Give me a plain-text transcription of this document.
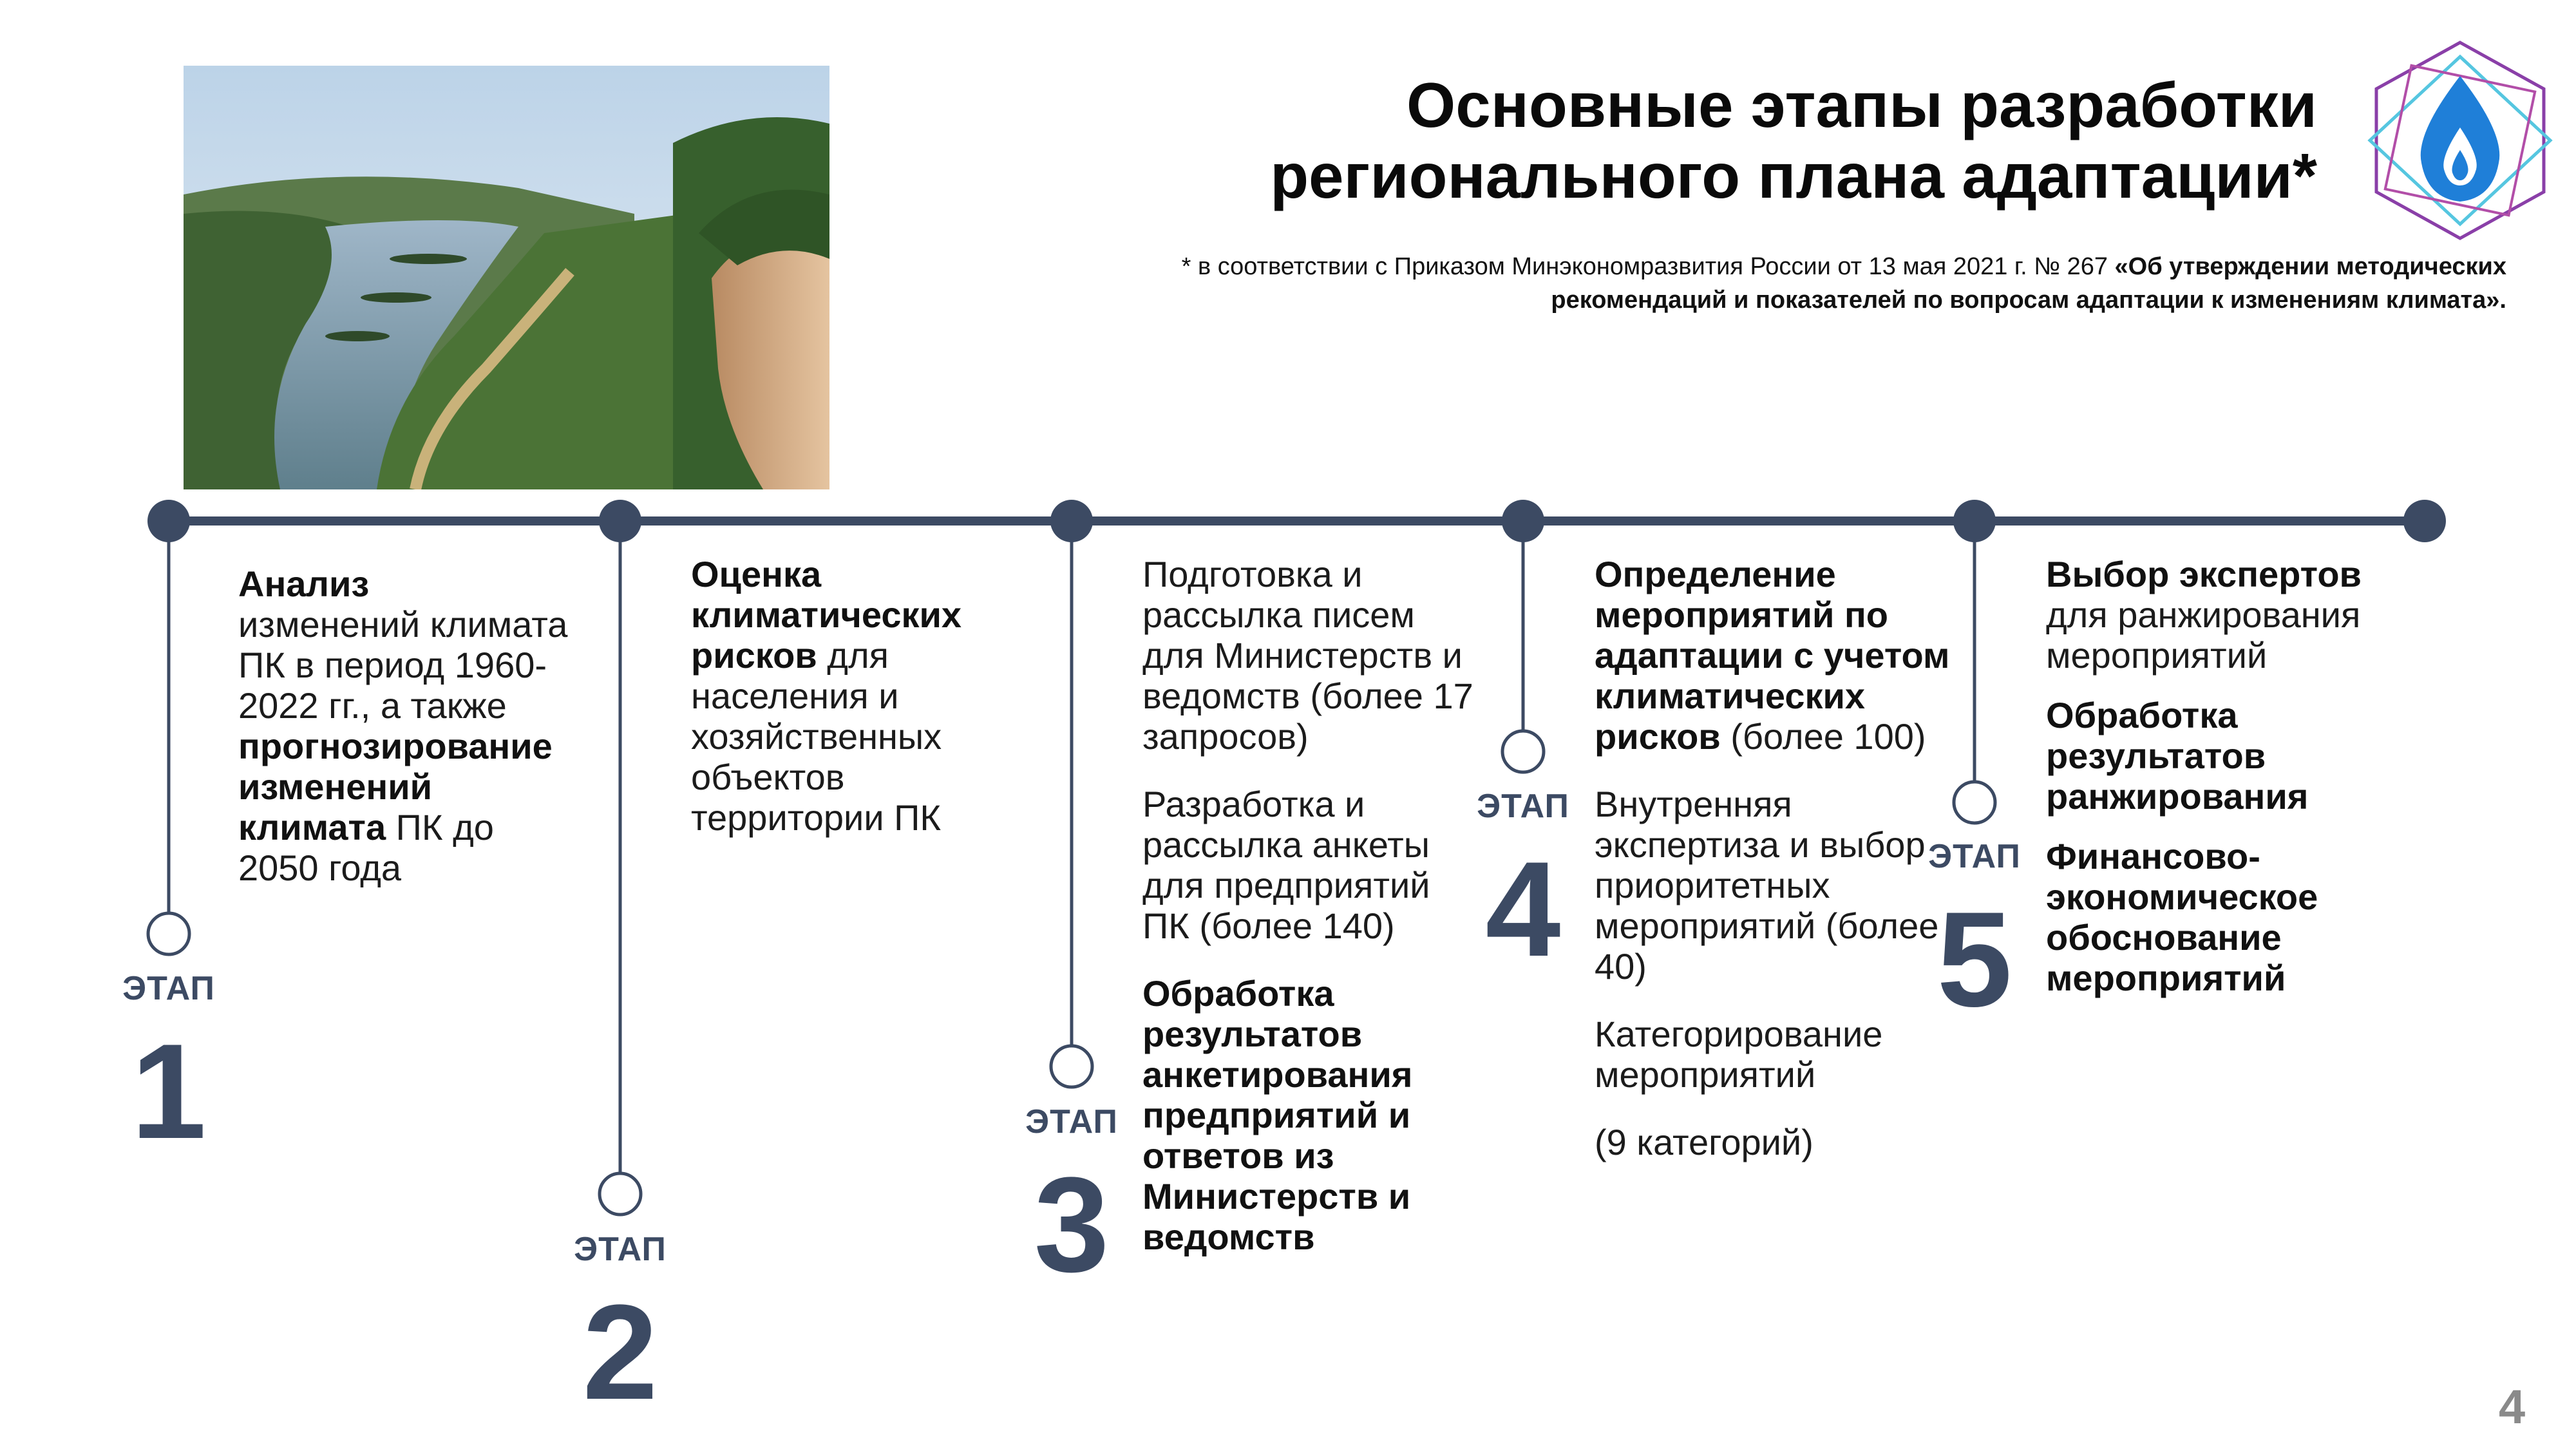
Основные этапы разработки
регионального плана адаптации*
* в соответствии с Приказом Минэкономразвития России от 13 мая 2021 г. № 267 «Об утверждении методических
рекомендаций и показателей по вопросам адаптации к изменениям климата».
ЭТАП
1
ЭТАП
2
ЭТАП
3
ЭТАП
4	ЭТАП
5

Анализ
изменений климата ПК в период 1960-2022 гг., а также
прогнозирование изменений климата ПК до 2050 года

Оценка климатических рисков для населения и хозяйственных объектов территории ПК

Подготовка и рассылка писем для Министерств и ведомств (более 17 запросов)

Разработка и рассылка анкеты для предприятий ПК (более 140)

Обработка результатов анкетирования предприятий и ответов из Министерств и ведомств

Определение мероприятий по адаптации с учетом климатических рисков (более 100)

Внутренняя экспертиза и выбор приоритетных мероприятий (более 40)

Категорирование мероприятий

(9 категорий)

Выбор экспертов для ранжирования мероприятий

Обработка результатов ранжирования

Финансово-экономическое обоснование мероприятий

4
